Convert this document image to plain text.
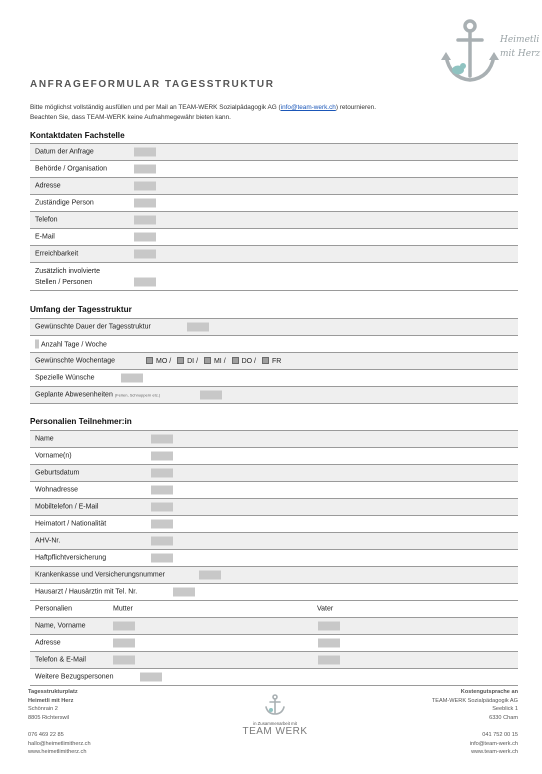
Heimetli
mit Herz
ANFRAGEFORMULAR TAGESSTRUKTUR
Bitte möglichst vollständig ausfüllen und per Mail an TEAM-WERK Sozialpädagogik AG (info@team-werk.ch) retournieren.
Beachten Sie, dass TEAM-WERK keine Aufnahmegewähr bieten kann.
Kontaktdaten Fachstelle
Datum der Anfrage
Behörde / Organisation
Adresse
Zuständige Person
Telefon
E-Mail
Erreichbarkeit
Zusätzlich involvierte
Stellen / Personen
Umfang der Tagesstruktur
Gewünschte Dauer der Tagesstruktur
Anzahl Tage / Woche
Gewünschte Wochentage	MO / DI / MI / DO / FR
Spezielle Wünsche
Geplante Abwesenheiten (Ferien, Schnuppern etc.)
Personalien Teilnehmer:in
Name
Vorname(n)
Geburtsdatum
Wohnadresse
Mobiltelefon / E-Mail
Heimatort / Nationalität
AHV-Nr.
Haftpflichtversicherung
Krankenkasse und Versicherungsnummer
Hausarzt / Hausärztin mit Tel. Nr.
Personalien	Mutter	Vater
Name, Vorname
Adresse
Telefon & E-Mail
Weitere Bezugspersonen
Tagesstrukturplatz
Heimetli mit Herz
Schönrain 2
8805 Richterswil

076 469 22 85
hallo@heimetlimitherz.ch
www.heimetlimitherz.ch
in Zusammenarbeit mit
TEAM WERK
Kostengutsprache an
TEAM-WERK Sozialpädagogik AG
Seeblick 1
6330 Cham

041 752 00 15
info@team-werk.ch
www.team-werk.ch
